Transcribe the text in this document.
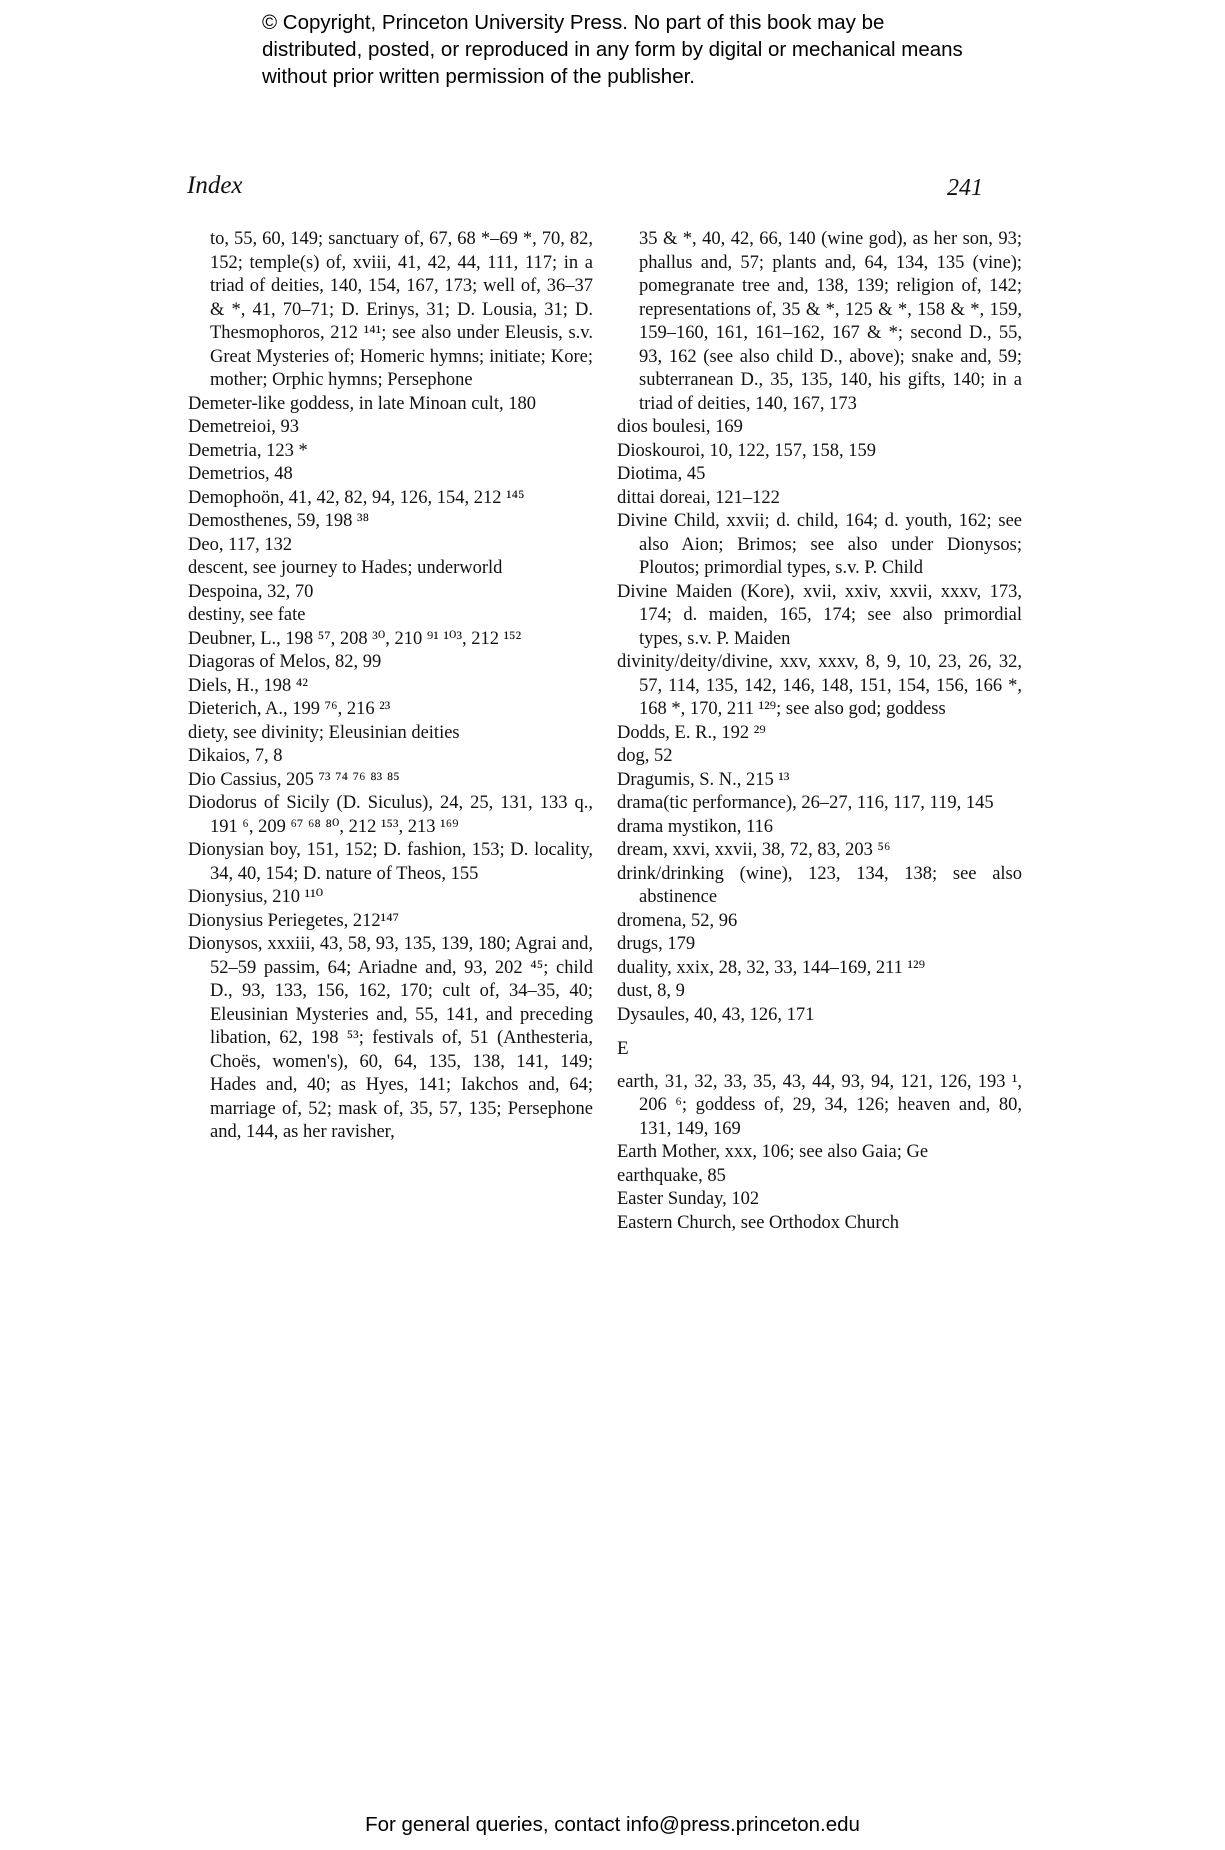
© Copyright, Princeton University Press. No part of this book may be distributed, posted, or reproduced in any form by digital or mechanical means without prior written permission of the publisher.
Index	241
to, 55, 60, 149; sanctuary of, 67, 68 *–69 *, 70, 82, 152; temple(s) of, xviii, 41, 42, 44, 111, 117; in a triad of deities, 140, 154, 167, 173; well of, 36–37 & *, 41, 70–71; D. Erinys, 31; D. Lousia, 31; D. Thesmophoros, 212 ¹⁴¹; see also under Eleusis, s.v. Great Mysteries of; Homeric hymns; initiate; Kore; mother; Orphic hymns; Persephone
Demeter-like goddess, in late Minoan cult, 180
Demetreioi, 93
Demetria, 123 *
Demetrios, 48
Demophoön, 41, 42, 82, 94, 126, 154, 212 ¹⁴⁵
Demosthenes, 59, 198 ³⁸
Deo, 117, 132
descent, see journey to Hades; underworld
Despoina, 32, 70
destiny, see fate
Deubner, L., 198 ⁵⁷, 208 ³⁰, 210 ⁹¹ ¹⁰³, 212 ¹⁵²
Diagoras of Melos, 82, 99
Diels, H., 198 ⁴²
Dieterich, A., 199 ⁷⁶, 216 ²³
diety, see divinity; Eleusinian deities
Dikaios, 7, 8
Dio Cassius, 205 ⁷³ ⁷⁴ ⁷⁶ ⁸³ ⁸⁵
Diodorus of Sicily (D. Siculus), 24, 25, 131, 133 q., 191 ⁶, 209 ⁶⁷ ⁶⁸ ⁸⁰, 212 ¹⁵³, 213 ¹⁶⁹
Dionysian boy, 151, 152; D. fashion, 153; D. locality, 34, 40, 154; D. nature of Theos, 155
Dionysius, 210 ¹¹⁰
Dionysius Periegetes, 212¹⁴⁷
Dionysos, xxxiii, 43, 58, 93, 135, 139, 180; Agrai and, 52–59 passim, 64; Ariadne and, 93, 202 ⁴⁵; child D., 93, 133, 156, 162, 170; cult of, 34–35, 40; Eleusinian Mysteries and, 55, 141, and preceding libation, 62, 198 ⁵³; festivals of, 51 (Anthesteria, Choës, women's), 60, 64, 135, 138, 141, 149; Hades and, 40; as Hyes, 141; Iakchos and, 64; marriage of, 52; mask of, 35, 57, 135; Persephone and, 144, as her ravisher,
35 & *, 40, 42, 66, 140 (wine god), as her son, 93; phallus and, 57; plants and, 64, 134, 135 (vine); pomegranate tree and, 138, 139; religion of, 142; representations of, 35 & *, 125 & *, 158 & *, 159, 159–160, 161, 161–162, 167 & *; second D., 55, 93, 162 (see also child D., above); snake and, 59; subterranean D., 35, 135, 140, his gifts, 140; in a triad of deities, 140, 167, 173
dios boulesi, 169
Dioskouroi, 10, 122, 157, 158, 159
Diotima, 45
dittai doreai, 121–122
Divine Child, xxvii; d. child, 164; d. youth, 162; see also Aion; Brimos; see also under Dionysos; Ploutos; primordial types, s.v. P. Child
Divine Maiden (Kore), xvii, xxiv, xxvii, xxxv, 173, 174; d. maiden, 165, 174; see also primordial types, s.v. P. Maiden
divinity/deity/divine, xxv, xxxv, 8, 9, 10, 23, 26, 32, 57, 114, 135, 142, 146, 148, 151, 154, 156, 166 *, 168 *, 170, 211 ¹²⁹; see also god; goddess
Dodds, E. R., 192 ²⁹
dog, 52
Dragumis, S. N., 215 ¹³
drama(tic performance), 26–27, 116, 117, 119, 145
drama mystikon, 116
dream, xxvi, xxvii, 38, 72, 83, 203 ⁵⁶
drink/drinking (wine), 123, 134, 138; see also abstinence
dromena, 52, 96
drugs, 179
duality, xxix, 28, 32, 33, 144–169, 211 ¹²⁹
dust, 8, 9
Dysaules, 40, 43, 126, 171
E
earth, 31, 32, 33, 35, 43, 44, 93, 94, 121, 126, 193 ¹, 206 ⁶; goddess of, 29, 34, 126; heaven and, 80, 131, 149, 169
Earth Mother, xxx, 106; see also Gaia; Ge
earthquake, 85
Easter Sunday, 102
Eastern Church, see Orthodox Church
For general queries, contact info@press.princeton.edu
